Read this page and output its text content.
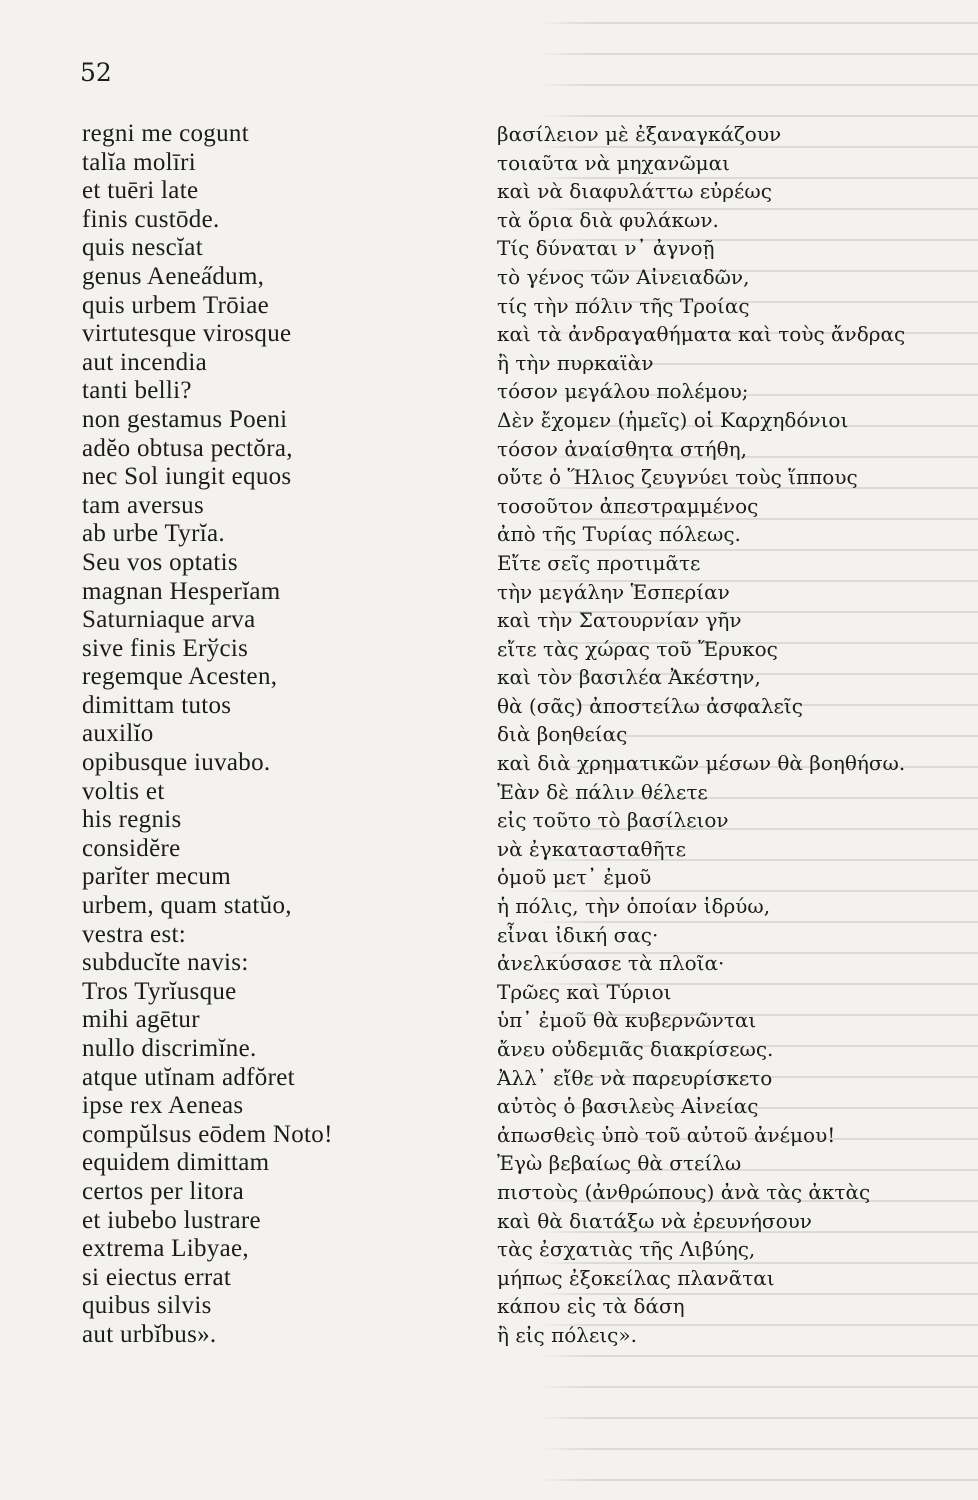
52
regni me cogunt
talĭa molīri
et tuēri late
finis custōde.
quis nescĭat
genus Aenea̋dum,
quis urbem Trōiae
virtutesque virosque
aut incendia
tanti belli?
non gestamus Poeni
adĕo obtusa pectŏra,
nec Sol iungit equos
tam aversus
ab urbe Tyrĭa.
Seu vos optatis
magnan Hesperĭam
Saturniaque arva
sive finis Erўcis
regemque Acesten,
dimittam tutos
auxilĭo
opibusque iuvabo.
voltis et
his regnis
considĕre
parĭter mecum
urbem, quam statŭo,
vestra est:
subducĭte navis:
Tros Tyrĭusque
mihi agētur
nullo discrimĭne.
atque utĭnam adfŏret
ipse rex Aeneas
compŭlsus eōdem Noto!
equidem dimittam
certos per litora
et iubebo lustrare
extrema Libyae,
si eiectus errat
quibus silvis
aut urbĭbus».
βασίλειον μὲ ἐξαναγκάζουν
τοιαῦτα νὰ μηχανῶμαι
καὶ νὰ διαφυλάττω εὐρέως
τὰ ὅρια διὰ φυλάκων.
Τίς δύναται ν᾽ ἀγνοῇ
τὸ γένος τῶν Αἰνειαδῶν,
τίς τὴν πόλιν τῆς Τροίας
καὶ τὰ ἀνδραγαθήματα καὶ τοὺς ἄνδρας
ἢ τὴν πυρκαϊὰν
τόσον μεγάλου πολέμου;
Δὲν ἔχομεν (ἡμεῖς) οἱ Καρχηδόνιοι
τόσον ἀναίσθητα στήθη,
οὔτε ὁ Ἥλιος ζευγνύει τοὺς ἵππους
τοσοῦτον ἀπεστραμμένος
ἀπὸ τῆς Τυρίας πόλεως.
Εἴτε σεῖς προτιμᾶτε
τὴν μεγάλην Ἑσπερίαν
καὶ τὴν Σατουρνίαν γῆν
εἴτε τὰς χώρας τοῦ Ἔρυκος
καὶ τὸν βασιλέα Ἀκέστην,
θὰ (σᾶς) ἀποστείλω ἀσφαλεῖς
διὰ βοηθείας
καὶ διὰ χρηματικῶν μέσων θὰ βοηθήσω.
Ἐὰν δὲ πάλιν θέλετε
εἰς τοῦτο τὸ βασίλειον
νὰ ἐγκατασταθῆτε
ὁμοῦ μετ᾽ ἐμοῦ
ἡ πόλις, τὴν ὁποίαν ἱδρύω,
εἶναι ἰδική σας·
ἀνελκύσασε τὰ πλοῖα·
Τρῶες καὶ Τύριοι
ὑπ᾽ ἐμοῦ θὰ κυβερνῶνται
ἄνευ οὐδεμιᾶς διακρίσεως.
Ἀλλ᾽ εἴθε νὰ παρευρίσκετο
αὐτὸς ὁ βασιλεὺς Αἰνείας
ἀπωσθεὶς ὑπὸ τοῦ αὐτοῦ ἀνέμου!
Ἐγὼ βεβαίως θὰ στείλω
πιστοὺς (ἀνθρώπους) ἀνὰ τὰς ἀκτὰς
καὶ θὰ διατάξω νὰ ἐρευνήσουν
τὰς ἐσχατιὰς τῆς Λιβύης,
μήπως ἐξοκείλας πλανᾶται
κάπου εἰς τὰ δάση
ἢ εἰς πόλεις».
